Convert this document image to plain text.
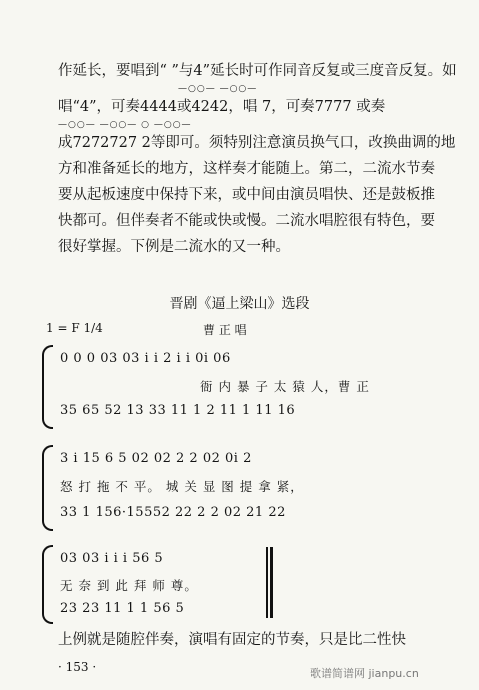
作延长，要唱到“ ”与4”延长时可作同音反复或三度音反复。如
—○○— —○○—
唱“4”，可奏4444或4242，唱 7，可奏7777 或奏
—○○— —○○— ○ —○○—
成7272727 2等即可。须特别注意演员换气口，改换曲调的地
方和准备延长的地方，这样奏才能随上。第二，二流水节奏
要从起板速度中保持下来，或中间由演员唱快、还是鼓板推
快都可。但伴奏者不能或快或慢。二流水唱腔很有特色，要
很好掌握。下例是二流水的又一种。
晋剧《逼上梁山》选段
1 = F 1/4	曹 正 唱
0 0 0 03 03 i i 2 i i 0i 06
衙 内 暴 子 太 猿 人，曹 正
35 65 52 13 33 11 1 2 11 1 11 16
3 i 15 6 5 02 02 2 2 02 0i 2
怒 打 拖 不 平。 城 关 显 图 提 拿 紧，
33 1 156·15552 22 2 2 02 21 22
03 03 i i i 56 5
无 奈 到 此 拜 师 尊。
23 23 11 1 1 56 5
上例就是随腔伴奏，演唱有固定的节奏，只是比二性快
· 153 ·	歌谱简谱网 jianpu.cn
